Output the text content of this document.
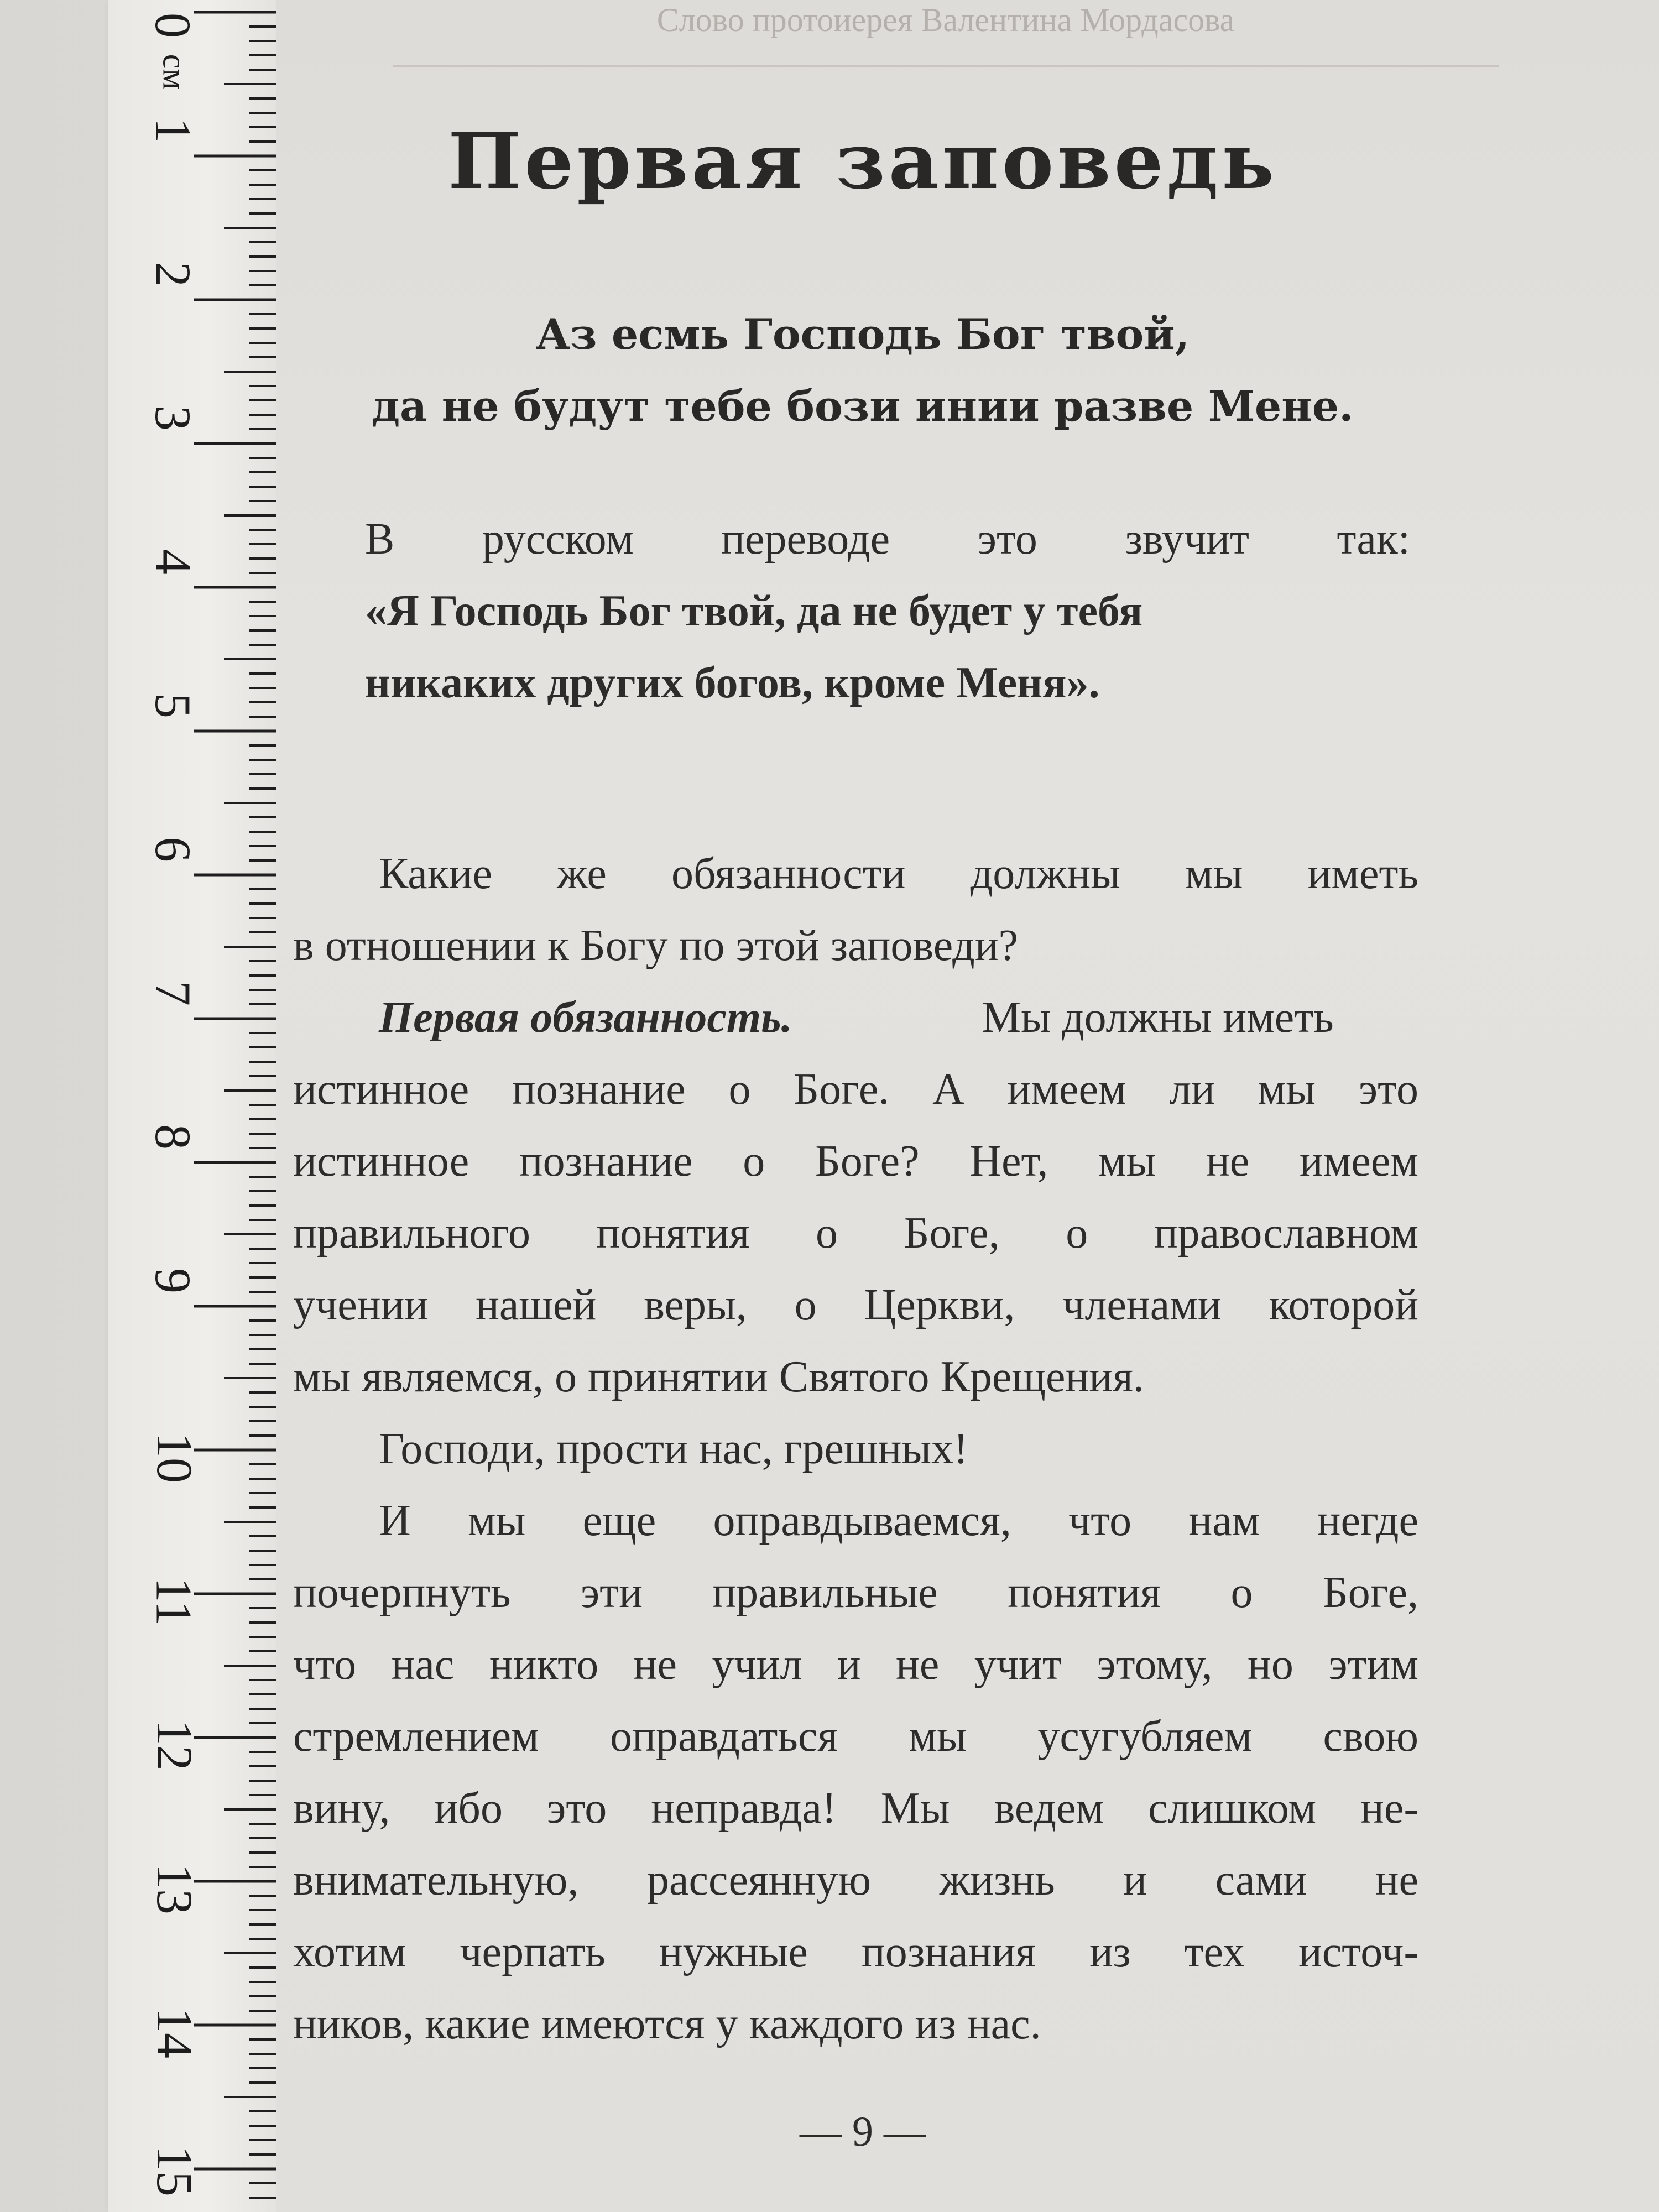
0
см
1
2
3
4
5
6
7
8
9
10
11
12
13
14
15
Слово протоиерея Валентина Мордасова
Первая заповедь
Аз есмь Господь Бог твой,
да не будут тебе бози инии разве Мене.
В русском переводе это звучит так:
«Я Господь Бог твой, да не будет у тебя
никаких других богов, кроме Меня».
Какие же обязанности должны мы иметь
в отношении к Богу по этой заповеди?
Первая обязанность.	Мы должны иметь
истинное познание о Боге. А имеем ли мы это
истинное познание о Боге? Нет, мы не имеем
правильного понятия о Боге, о православном
учении нашей веры, о Церкви, членами которой
мы являемся, о принятии Святого Крещения.
Господи, прости нас, грешных!
И мы еще оправдываемся, что нам негде
почерпнуть эти правильные понятия о Боге,
что нас никто не учил и не учит этому, но этим
стремлением оправдаться мы усугубляем свою
вину, ибо это неправда! Мы ведем слишком не-
внимательную, рассеянную жизнь и сами не
хотим черпать нужные познания из тех источ-
ников, какие имеются у каждого из нас.
— 9 —
